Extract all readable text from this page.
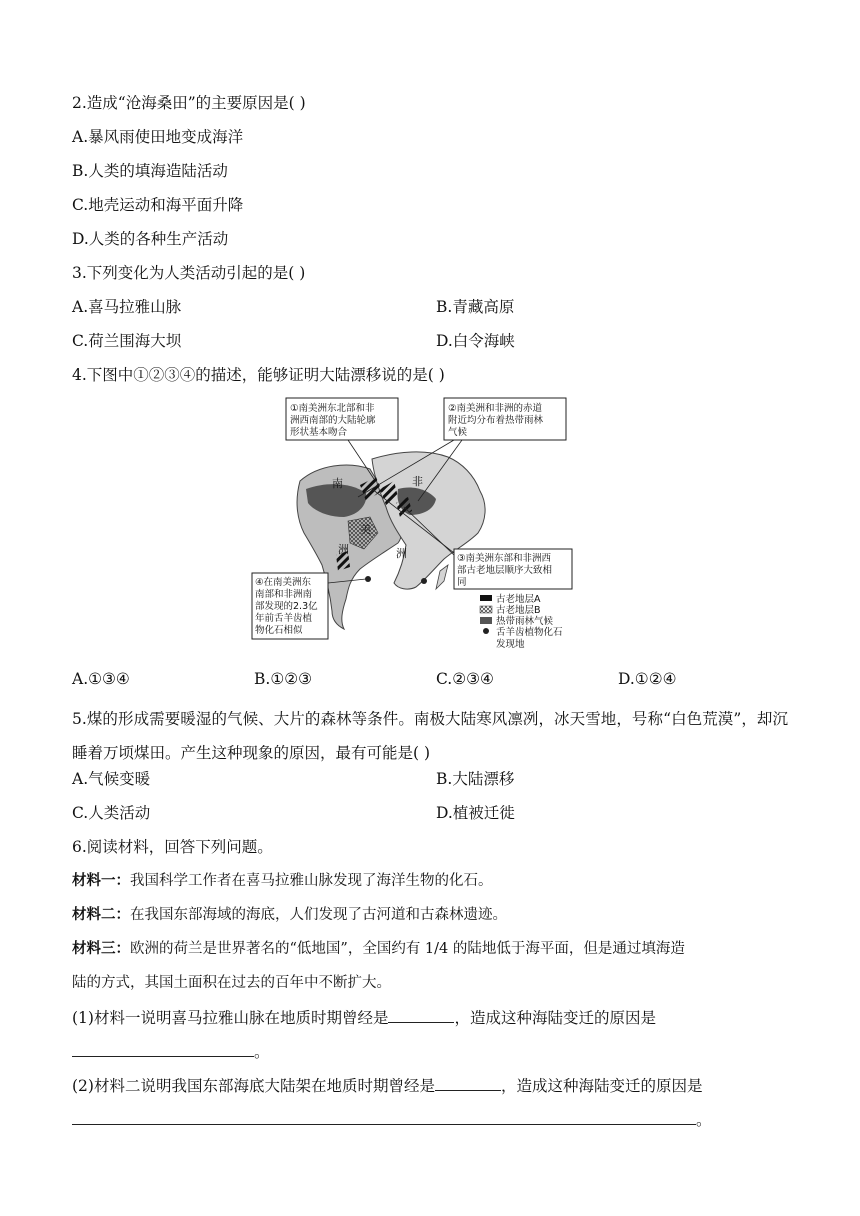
2.造成“沧海桑田”的主要原因是( )
A.暴风雨使田地变成海洋
B.人类的填海造陆活动
C.地壳运动和海平面升降
D.人类的各种生产活动
3.下列变化为人类活动引起的是( )
A.喜马拉雅山脉	B.青藏高原
C.荷兰围海大坝	D.白令海峡
4.下图中①②③④的描述，能够证明大陆漂移说的是( )
①南美洲东北部和非
洲西南部的大陆轮廓
形状基本吻合
②南美洲和非洲的赤道
附近均分布着热带雨林
气候
南
美
洲
非
洲	③南美洲东部和非洲西
部古老地层顺序大致相
同
④在南美洲东
南部和非洲南
部发现的2.3亿
年前舌羊齿植
物化石相似
古老地层A
古老地层B
热带雨林气候
舌羊齿植物化石
发现地
A.①③④	B.①②③	C.②③④	D.①②④
5.煤的形成需要暖湿的气候、大片的森林等条件。南极大陆寒风凛冽，冰天雪地，号称“白色荒漠”，却沉睡着万顷煤田。产生这种现象的原因，最有可能是( )
A.气候变暖	B.大陆漂移
C.人类活动	D.植被迁徙
6.阅读材料，回答下列问题。
材料一：我国科学工作者在喜马拉雅山脉发现了海洋生物的化石。
材料二：在我国东部海域的海底，人们发现了古河道和古森林遗迹。
材料三：欧洲的荷兰是世界著名的“低地国”，全国约有 1/4 的陆地低于海平面，但是通过填海造
陆的方式，其国土面积在过去的百年中不断扩大。
(1)材料一说明喜马拉雅山脉在地质时期曾经是	，造成这种海陆变迁的原因是
。
(2)材料二说明我国东部海底大陆架在地质时期曾经是	，造成这种海陆变迁的原因是
。
